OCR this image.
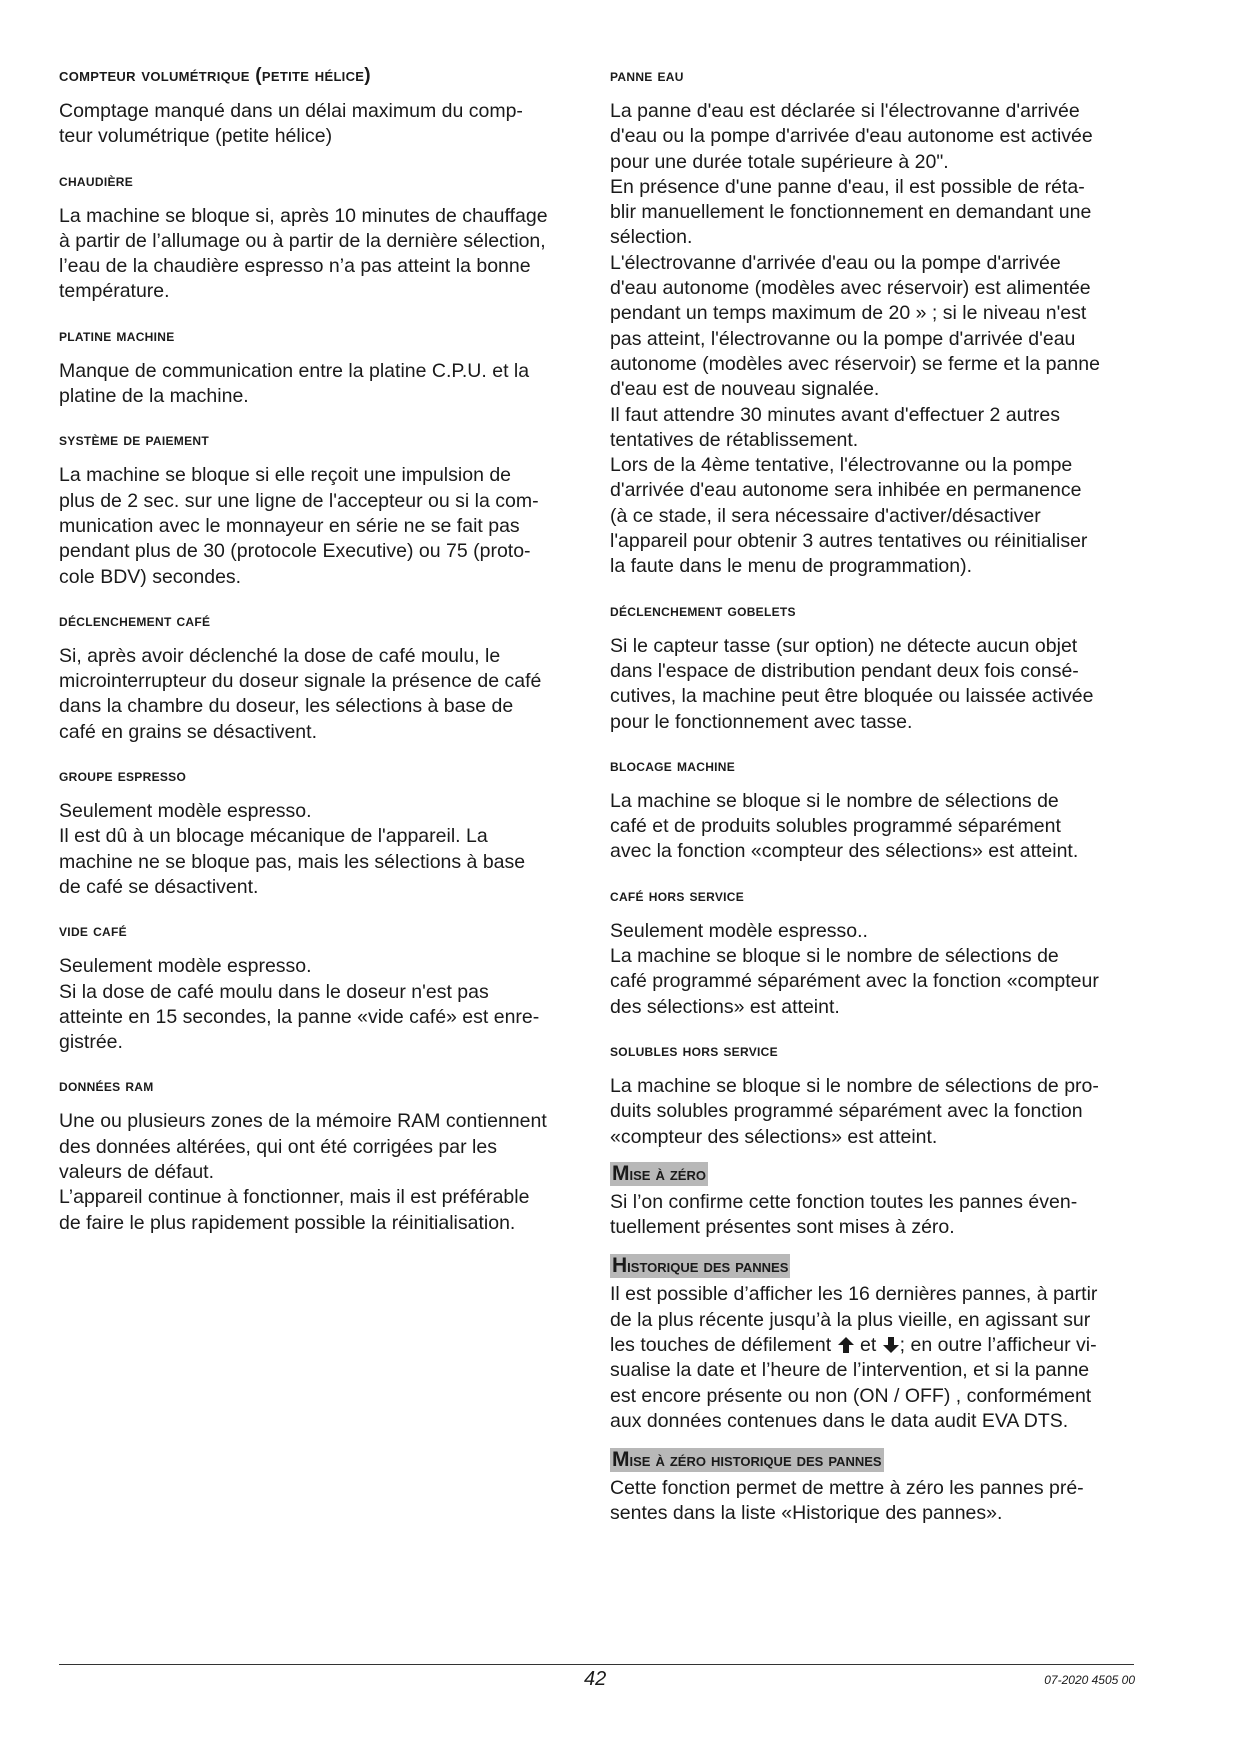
compteur volumétrique (petite hélice)

Comptage manqué dans un délai maximum du comp-
teur volumétrique (petite hélice)

chaudière

La machine se bloque si, après 10 minutes de chauffage
à partir de l’allumage ou à partir de la dernière sélection,
l’eau de la chaudière espresso n’a pas atteint la bonne
température.

platine machine

Manque de communication entre la platine C.P.U. et la
platine de la machine.

système de paiement

La machine se bloque si elle reçoit une impulsion de
plus de 2 sec. sur une ligne de l'accepteur ou si la com-
munication avec le monnayeur en série ne se fait pas
pendant plus de 30 (protocole Executive) ou 75 (proto-
cole BDV) secondes.

déclenchement café

Si, après avoir déclenché la dose de café moulu, le
microinterrupteur du doseur signale la présence de café
dans la chambre du doseur, les sélections à base de
café en grains se désactivent.

groupe espresso

Seulement modèle espresso.
Il est dû à un blocage mécanique de l'appareil. La
machine ne se bloque pas, mais les sélections à base
de café se désactivent.

vide café

Seulement modèle espresso.
Si la dose de café moulu dans le doseur n'est pas
atteinte en 15 secondes, la panne «vide café» est enre-
gistrée.

données ram

Une ou plusieurs zones de la mémoire RAM contiennent
des données altérées, qui ont été corrigées par les
valeurs de défaut.
L’appareil continue à fonctionner, mais il est préférable
de faire le plus rapidement possible la réinitialisation.

panne eau

La panne d'eau est déclarée si l'électrovanne d'arrivée
d'eau ou la pompe d'arrivée d'eau autonome est activée
pour une durée totale supérieure à 20".
En présence d'une panne d'eau, il est possible de réta-
blir manuellement le fonctionnement en demandant une
sélection.
L'électrovanne d'arrivée d'eau ou la pompe d'arrivée
d'eau autonome (modèles avec réservoir) est alimentée
pendant un temps maximum de 20 » ; si le niveau n'est
pas atteint, l'électrovanne ou la pompe d'arrivée d'eau
autonome (modèles avec réservoir) se ferme et la panne
d'eau est de nouveau signalée.
Il faut attendre 30 minutes avant d'effectuer 2 autres
tentatives de rétablissement.
Lors de la 4ème tentative, l'électrovanne ou la pompe
d'arrivée d'eau autonome sera inhibée en permanence
(à ce stade, il sera nécessaire d'activer/désactiver
l'appareil pour obtenir 3 autres tentatives ou réinitialiser
la faute dans le menu de programmation).

déclenchement gobelets

Si le capteur tasse (sur option) ne détecte aucun objet
dans l'espace de distribution pendant deux fois consé-
cutives, la machine peut être bloquée ou laissée activée
pour le fonctionnement avec tasse.

blocage machine

La machine se bloque si le nombre de sélections de
café et de produits solubles programmé séparément
avec la fonction «compteur des sélections» est atteint.

café hors service

Seulement modèle espresso..
La machine se bloque si le nombre de sélections de
café programmé séparément avec la fonction «compteur
des sélections» est atteint.

solubles hors service

La machine se bloque si le nombre de sélections de pro-
duits solubles programmé séparément avec la fonction
«compteur des sélections» est atteint.

Mise à zéro

Si l’on confirme cette fonction toutes les pannes éven-
tuellement présentes sont mises à zéro.

Historique des pannes

Il est possible d’afficher les 16 dernières pannes, à partir
de la plus récente jusqu’à la plus vieille, en agissant sur
les touches de défilement  et ; en outre l’afficheur vi-
sualise la date et l’heure de l’intervention, et si la panne
est encore présente ou non (ON / OFF) , conformément
aux données contenues dans le data audit EVA DTS.

Mise à zéro historique des pannes

Cette fonction permet de mettre à zéro les pannes pré-
sentes dans la liste «Historique des pannes».

42	07-2020 4505 00
